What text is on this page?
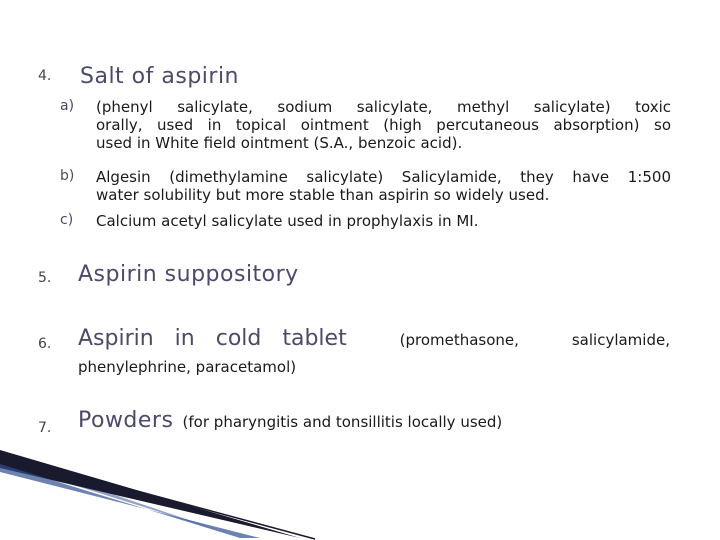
4. Salt of aspirin
a) (phenyl salicylate, sodium salicylate, methyl salicylate) toxic
orally, used in topical ointment (high percutaneous absorption) so
used in White field ointment (S.A., benzoic acid).
b) Algesin (dimethylamine salicylate) Salicylamide, they have 1:500
water solubility but more stable than aspirin so widely used.
c) Calcium acetyl salicylate used in prophylaxis in MI.
5. Aspirin suppository
6. Aspirin in cold tablet	(promethasone,	salicylamide,
phenylephrine, paracetamol)
7. Powders (for pharyngitis and tonsillitis locally used)
